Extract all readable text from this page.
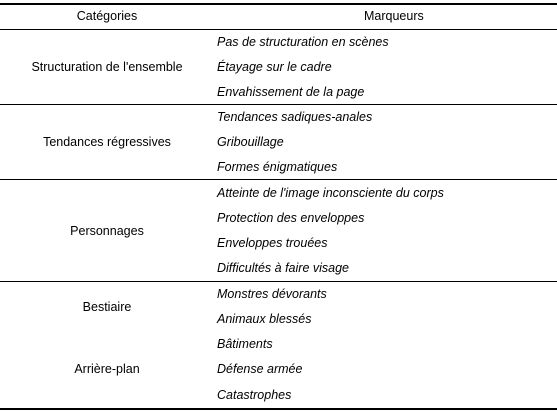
Catégories	Marqueurs
Structuration de l'ensemble
Pas de structuration en scènes
Étayage sur le cadre
Envahissement de la page
Tendances régressives
Tendances sadiques-anales
Gribouillage
Formes énigmatiques
Personnages
Atteinte de l'image inconsciente du corps
Protection des enveloppes
Enveloppes trouées
Difficultés à faire visage
Bestiaire
Arrière-plan
Monstres dévorants
Animaux blessés
Bâtiments
Défense armée
Catastrophes
